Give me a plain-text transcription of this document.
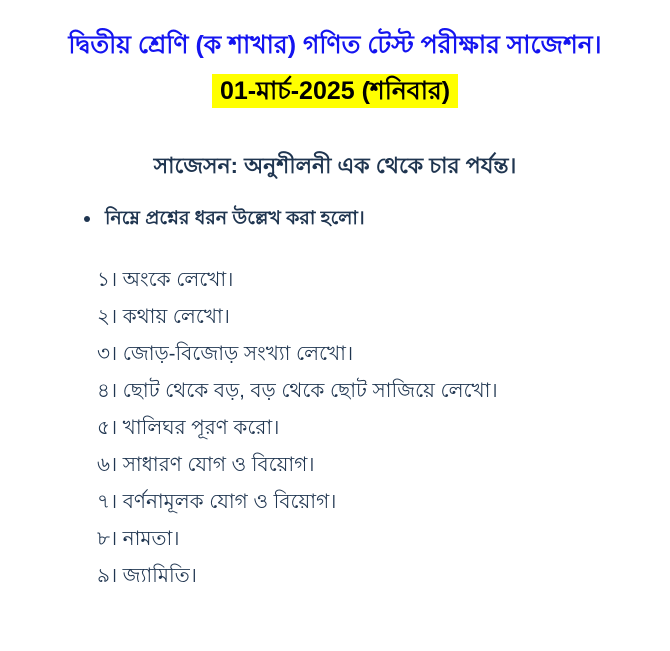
দ্বিতীয় শ্রেণি (ক শাখার) গণিত টেস্ট পরীক্ষার সাজেশন।
01-মার্চ-2025 (শনিবার)
সাজেসন: অনুশীলনী এক থেকে চার পর্যন্ত।
নিম্নে প্রশ্নের ধরন উল্লেখ করা হলো।
১। অংকে লেখো।
২। কথায় লেখো।
৩। জোড়-বিজোড় সংখ্যা লেখো।
৪। ছোট থেকে বড়, বড় থেকে ছোট সাজিয়ে লেখো।
৫। খালিঘর পূরণ করো।
৬। সাধারণ যোগ ও বিয়োগ।
৭। বর্ণনামূলক যোগ ও বিয়োগ।
৮। নামতা।
৯। জ্যামিতি।
